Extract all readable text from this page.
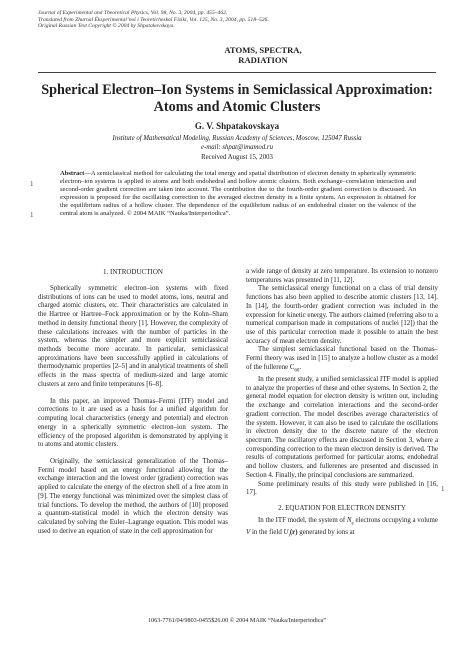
Journal of Experimental and Theoretical Physics, Vol. 98, No. 3, 2004, pp. 455–462.
Translated from Zhurnal Éksperimental’noĭ i Teoreticheskoĭ Fiziki, Vol. 125, No. 3, 2004, pp. 518–526.
Original Russian Text Copyright © 2004 by Shpatakovskaya.
ATOMS, SPECTRA,
RADIATION
Spherical Electron–Ion Systems in Semiclassical Approximation:
Atoms and Atomic Clusters
G. V. Shpatakovskaya
Institute of Mathematical Modeling, Russian Academy of Sciences, Moscow, 125047 Russia
e-mail: shpat@imamod.ru
Received August 15, 2003
Abstract—A semiclassical method for calculating the total energy and spatial distribution of electron density in spherically symmetric electron–ion systems is applied to atoms and both endohedral and hollow atomic clusters. Both exchange–correlation interaction and second-order gradient correction are taken into account. The contribution due to the fourth-order gradient correction is discussed. An expression is proposed for the oscillating correction to the averaged electron density in a finite system. An expression is obtained for the equilibrium radius of a hollow cluster. The dependence of the equilibrium radius of an endohedral cluster on the valence of the central atom is analyzed. © 2004 MAIK “Nauka/Interperiodica”.
1
1
1
1. INTRODUCTION

Spherically symmetric electron–ion systems with fixed distributions of ions can be used to model atoms, ions, neutral and charged atomic clusters, etc. Their characteristics are calculated in the Hartree or Hartree–Fock approximation or by the Kohn–Sham method in density functional theory [1]. However, the complexity of these calculations increases with the number of particles in the system, whereas the simpler and more explicit semiclassical methods become more accurate. In particular, semiclassical approximations have been successfully applied in calculations of thermodynamic properties [2–5] and in analytical treatments of shell effects in the mass spectra of medium-sized and large atomic clusters at zero and finite temperatures [6–8].

In this paper, an improved Thomas–Fermi (ITF) model and corrections to it are used as a basis for a unified algorithm for computing local characteristics (energy and potential) and electron energy in a spherically symmetric electron–ion system. The efficiency of the proposed algorithm is demonstrated by applying it to atoms and atomic clusters.

Originally, the semiclassical generalization of the Thomas–Fermi model based on an energy functional allowing for the exchange interaction and the lowest order (gradient) correction was applied to calculate the energy of the electron shell of a free atom in [9]. The energy functional was minimized over the simplest class of trial functions. To develop the method, the authors of [10] proposed a quantum-statistical model in which the electron density was calculated by solving the Euler–Lagrange equation. This model was used to derive an equation of state in the cell approximation for

a wide range of density at zero temperature. Its extension to nonzero temperatures was presented in [11, 12].

The semiclassical energy functional on a class of trial density functions has also been applied to describe atomic clusters [13, 14]. In [14], the fourth-order gradient correction was included in the expression for kinetic energy. The authors claimed (referring also to a numerical comparison made in computations of nuclei [12]) that the use of this particular correction made it possible to attain the best accuracy of mean electron density.

The simplest semiclassical functional based on the Thomas–Fermi theory was used in [15] to analyze a hollow cluster as a model of the fullerene $C_{60}$.

In the present study, a unified semiclassical ITF model is applied to analyze the properties of these and other systems. In Section 2, the general model equation for electron density is written out, including the exchange and correlation interactions and the second-order gradient correction. The model describes average characteristics of the system. However, it can also be used to calculate the oscillations in electron density due to the discrete nature of the electron spectrum. The oscillatory effects are discussed in Section 3, where a corresponding correction to the mean electron density is derived. The results of computations performed for particular atoms, endohedral and hollow clusters, and fullerenes are presented and discussed in Section 4. Finally, the principal conclusions are summarized.

Some preliminary results of this study were published in [16, 17].

2. EQUATION FOR ELECTRON DENSITY

In the ITF model, the system of $N_e$ electrons occupying a volume V in the field $U_i(r)$ generated by ions at

1063-7761/04/9803-0455$26.00 © 2004 MAIK “Nauka/Interperiodica”
